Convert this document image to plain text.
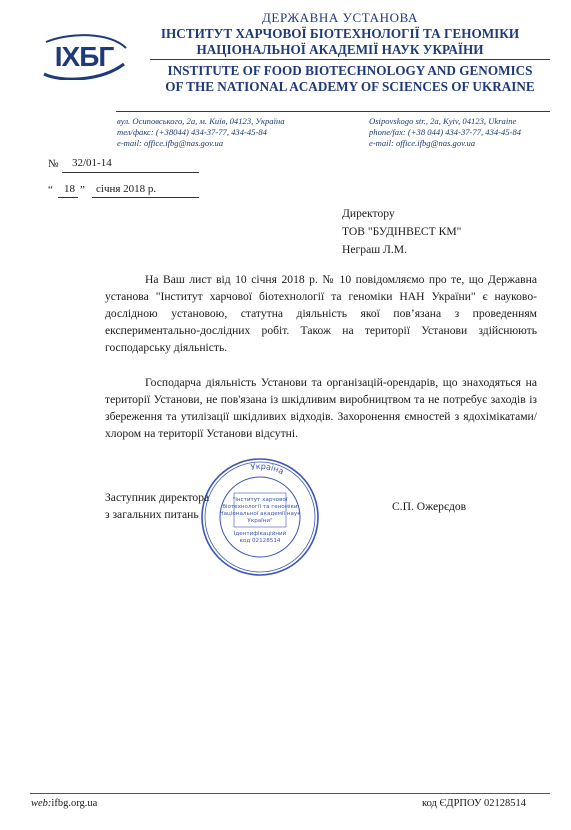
ІХБГ
ДЕРЖАВНА УСТАНОВА
ІНСТИТУТ ХАРЧОВОЇ БІОТЕХНОЛОГІЇ ТА ГЕНОМІКИ
НАЦІОНАЛЬНОЇ АКАДЕМІЇ НАУК УКРАЇНИ
INSTITUTE OF FOOD BIOTECHNOLOGY AND GENOMICS
OF THE NATIONAL ACADEMY OF SCIENCES OF UKRAINE
вул. Осиповського, 2а, м. Київ, 04123, Україна
тел/факс: (+38044) 434-37-77, 434-45-84
e-mail: office.ifbg@nas.gov.ua
Osipovskogo str., 2a, Kyiv, 04123, Ukraine
phone/fax: (+38 044) 434-37-77, 434-45-84
e-mail: office.ifbg@nas.gov.ua
№ 32/01-14
“ 18 ” січня 2018 р.
Директору
ТОВ "БУДІНВЕСТ КМ"
Неграш Л.М.
На Ваш лист від 10 січня 2018 р. № 10 повідомляємо про те, що Державна установа "Інститут харчової біотехнології та геноміки НАН України" є науково-дослідною установою, статутна діяльність якої пов’язана з проведенням експериментально-дослідних робіт. Також на території Установи здійснюють господарську діяльність.
Господарча діяльність Установи та організацій-орендарів, що знаходяться на території Установи, не пов'язана із шкідливим виробництвом та не потребує заходів із збереження та утилізації шкідливих відходів. Захоронення ємностей з ядохімікатами/хлором на території Установи відсутні.
Україна
"Інститут харчової
біотехнології та геноміки
Національної академії наук
України"
Ідентифікаційний
код 02128514
Заступник директора
з загальних питань
С.П. Ожерєдов
web:ifbg.org.ua	код ЄДРПОУ 02128514
